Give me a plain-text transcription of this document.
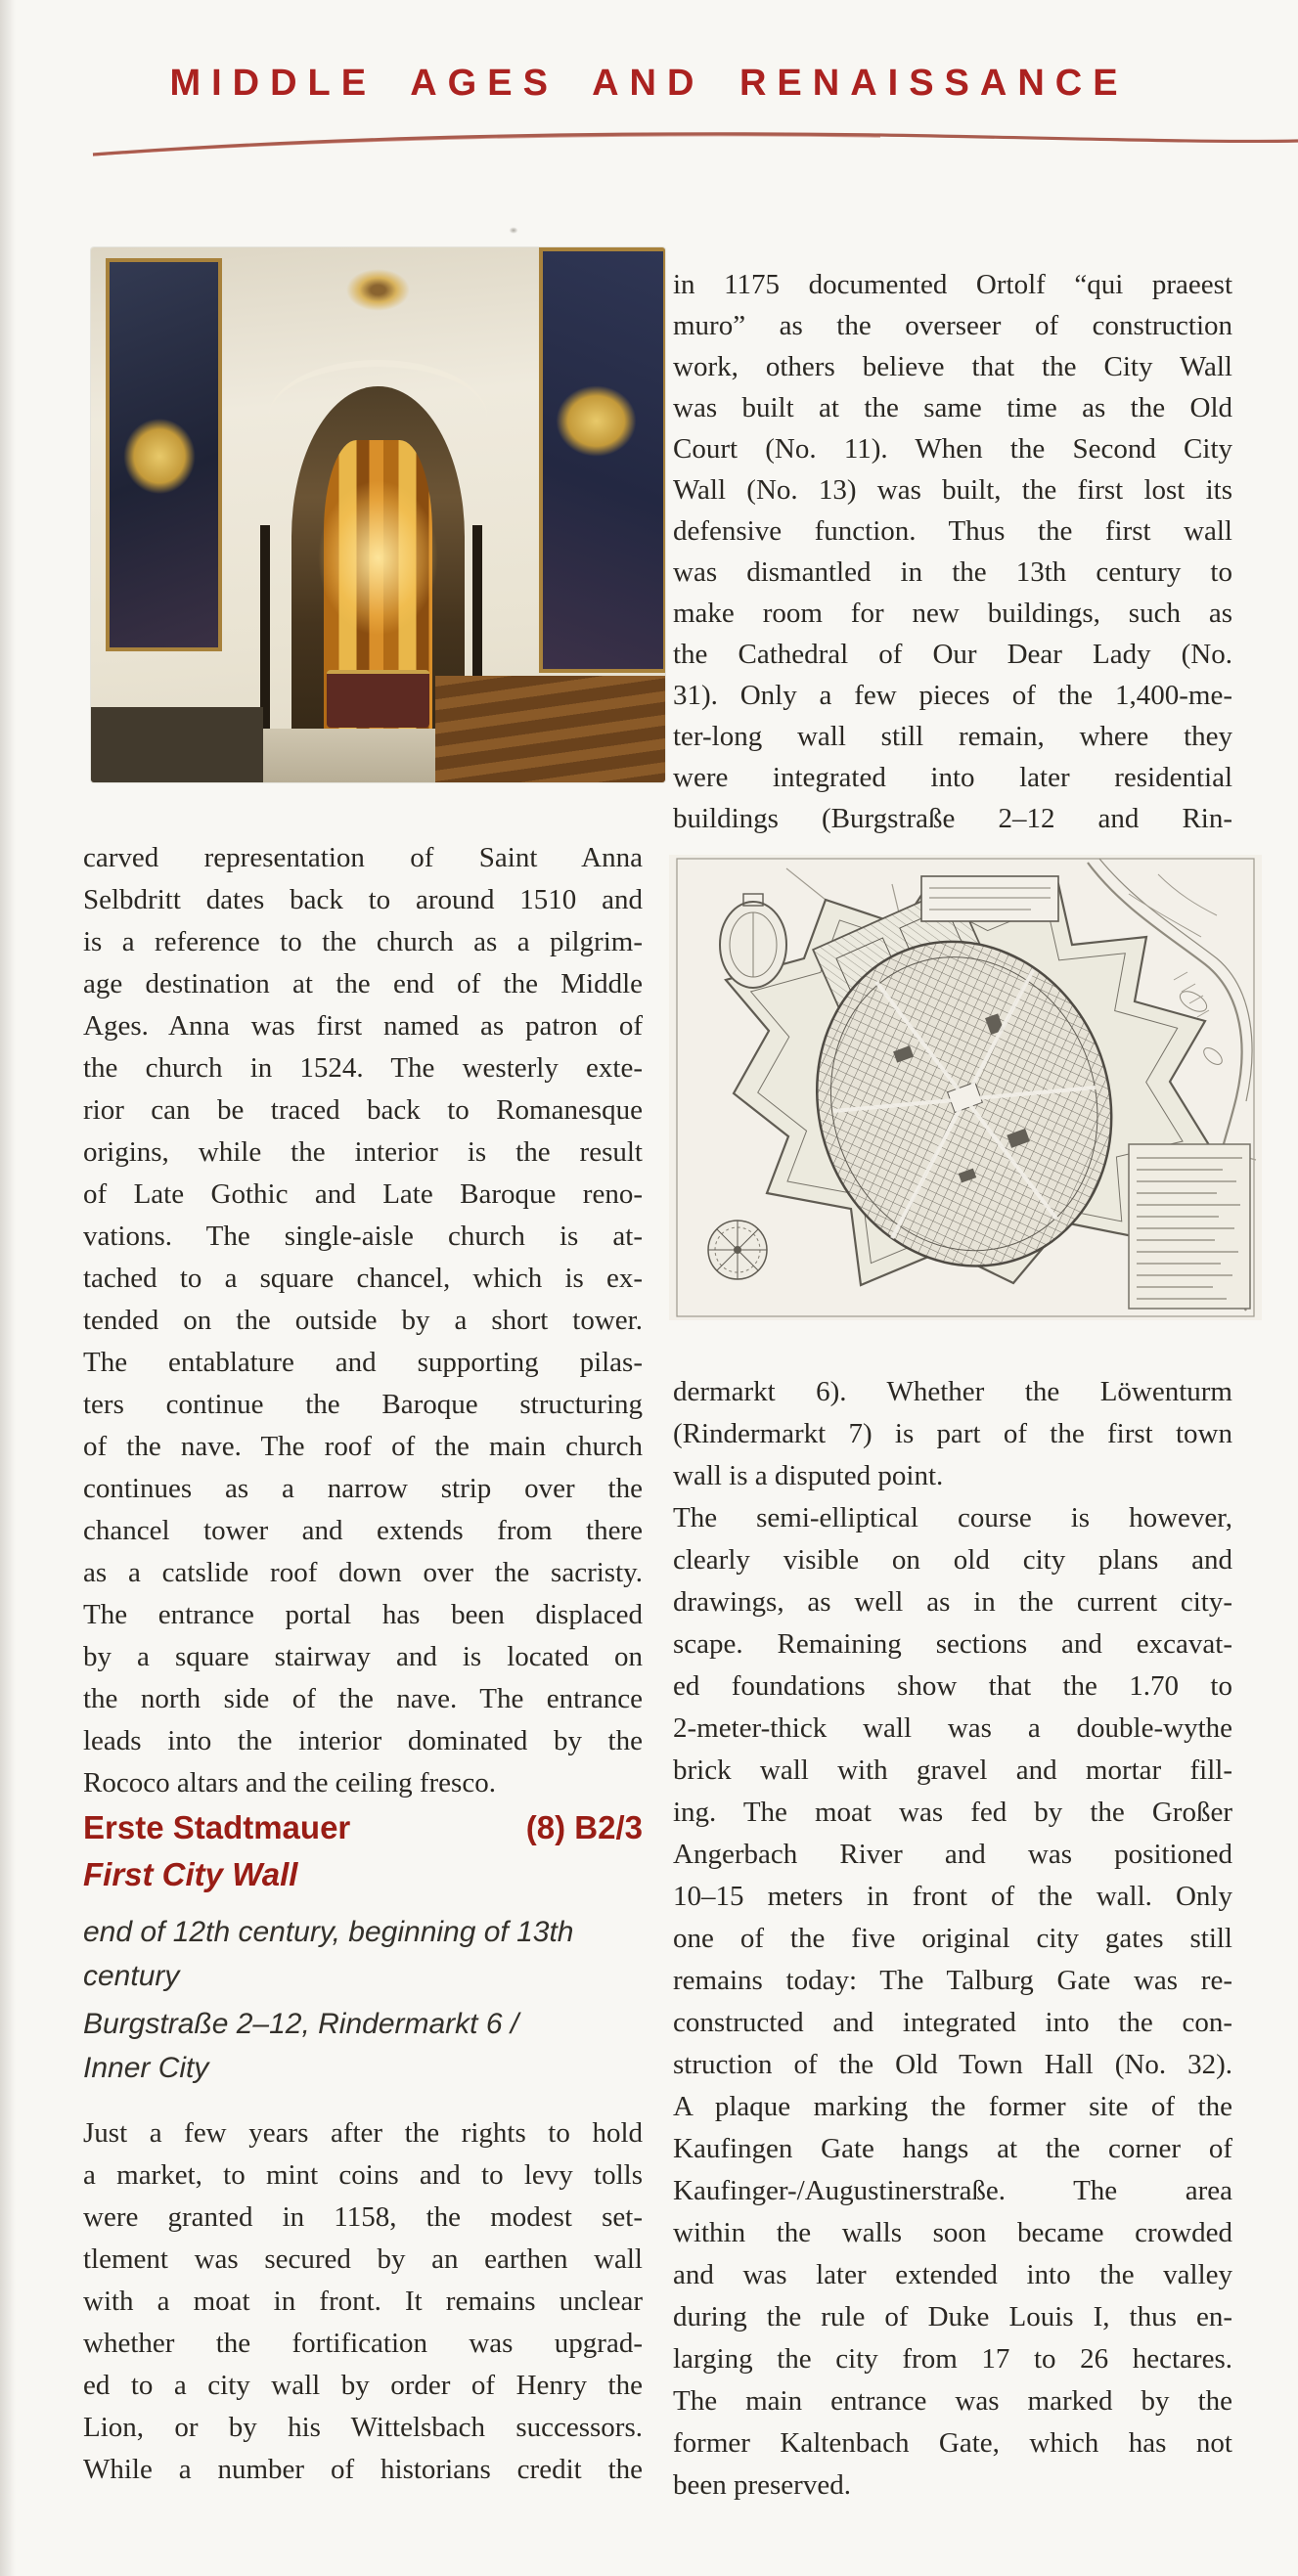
MIDDLE AGES AND RENAISSANCE
carved representation of Saint Anna
Selbdritt dates back to around 1510 and
is a reference to the church as a pilgrim-
age destination at the end of the Middle
Ages. Anna was first named as patron of
the church in 1524. The westerly exte-
rior can be traced back to Romanesque
origins, while the interior is the result
of Late Gothic and Late Baroque reno-
vations. The single-aisle church is at-
tached to a square chancel, which is ex-
tended on the outside by a short tower.
The entablature and supporting pilas-
ters continue the Baroque structuring
of the nave. The roof of the main church
continues as a narrow strip over the
chancel tower and extends from there
as a catslide roof down over the sacristy.
The entrance portal has been displaced
by a square stairway and is located on
the north side of the nave. The entrance
leads into the interior dominated by the
Rococo altars and the ceiling fresco.
Erste Stadtmauer	(8) B2/3
First City Wall
end of 12th century, beginning of 13th
century
Burgstraße 2–12, Rindermarkt 6 /
Inner City
Just a few years after the rights to hold
a market, to mint coins and to levy tolls
were granted in 1158, the modest set-
tlement was secured by an earthen wall
with a moat in front. It remains unclear
whether the fortification was upgrad-
ed to a city wall by order of Henry the
Lion, or by his Wittelsbach successors.
While a number of historians credit the
in 1175 documented Ortolf “qui praeest
muro” as the overseer of construction
work, others believe that the City Wall
was built at the same time as the Old
Court (No. 11). When the Second City
Wall (No. 13) was built, the first lost its
defensive function. Thus the first wall
was dismantled in the 13th century to
make room for new buildings, such as
the Cathedral of Our Dear Lady (No.
31). Only a few pieces of the 1,400-me-
ter-long wall still remain, where they
were integrated into later residential
buildings (Burgstraße 2–12 and Rin-
dermarkt 6). Whether the Löwenturm
(Rindermarkt 7) is part of the first town
wall is a disputed point.
The semi-elliptical course is however,
clearly visible on old city plans and
drawings, as well as in the current city-
scape. Remaining sections and excavat-
ed foundations show that the 1.70 to
2-meter-thick wall was a double-wythe
brick wall with gravel and mortar fill-
ing. The moat was fed by the Großer
Angerbach River and was positioned
10–15 meters in front of the wall. Only
one of the five original city gates still
remains today: The Talburg Gate was re-
constructed and integrated into the con-
struction of the Old Town Hall (No. 32).
A plaque marking the former site of the
Kaufingen Gate hangs at the corner of
Kaufinger-/Augustinerstraße. The area
within the walls soon became crowded
and was later extended into the valley
during the rule of Duke Louis I, thus en-
larging the city from 17 to 26 hectares.
The main entrance was marked by the
former Kaltenbach Gate, which has not
been preserved.
